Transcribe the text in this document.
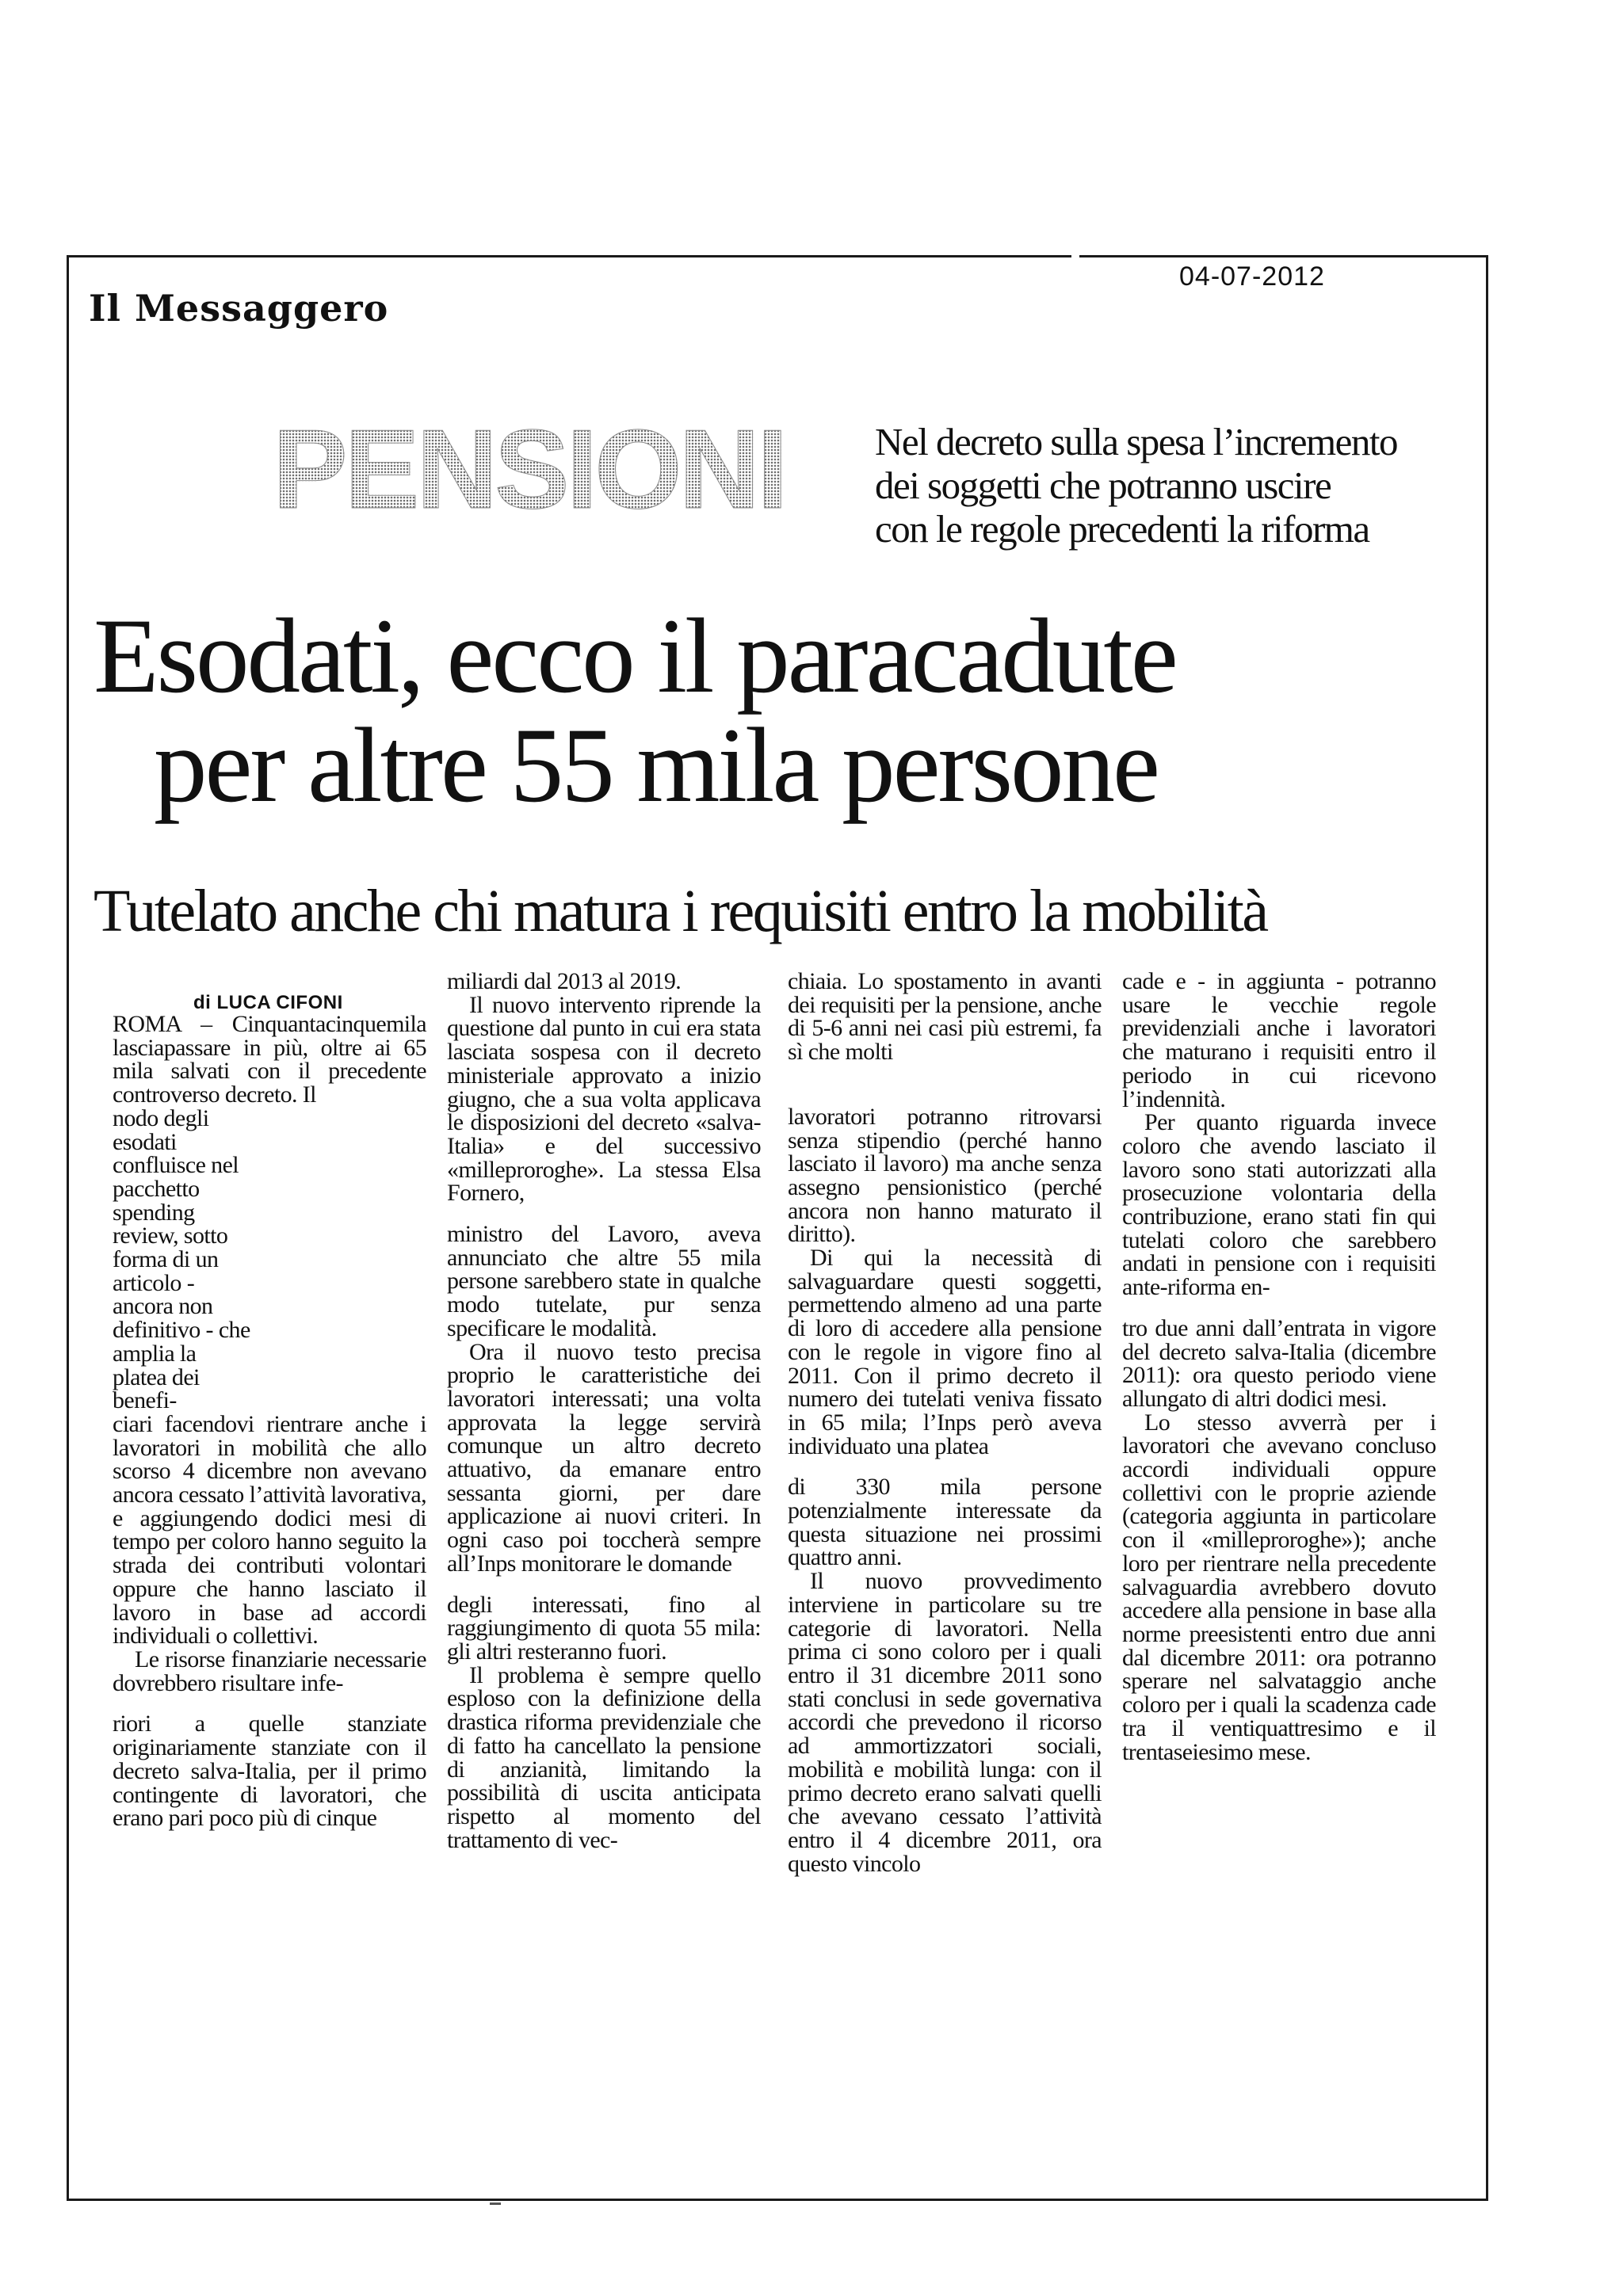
Il Messaggero
04-07-2012
PENSIONI Nel decreto sulla spesa l’incremento
dei soggetti che potranno uscire
con le regole precedenti la riforma
Esodati, ecco il paracadute
per altre 55 mila persone
Tutelato anche chi matura i requisiti entro la mobilità
di LUCA CIFONI

ROMA – Cinquantacinquemila lasciapassare in più, oltre ai 65 mila salvati con il precedente controverso decreto. Il

nodo degli esodati confluisce nel pacchetto spending review, sotto forma di un articolo - ancora non definitivo - che amplia la platea dei benefi-

ciari facendovi rientrare anche i lavoratori in mobilità che allo scorso 4 dicembre non avevano ancora cessato l’attività lavorativa, e aggiungendo dodici mesi di tempo per coloro hanno seguito la strada dei contributi volontari oppure che hanno lasciato il lavoro in base ad accordi individuali o collettivi.

Le risorse finanziarie necessarie dovrebbero risultare infe-

riori a quelle stanziate originariamente stanziate con il decreto salva-Italia, per il primo contingente di lavoratori, che erano pari poco più di cinque

miliardi dal 2013 al 2019.

Il nuovo intervento riprende la questione dal punto in cui era stata lasciata sospesa con il decreto ministeriale approvato a inizio giugno, che a sua volta applicava le disposizioni del decreto «salva-Italia» e del successivo «milleproroghe». La stessa Elsa Fornero,

ministro del Lavoro, aveva annunciato che altre 55 mila persone sarebbero state in qualche modo tutelate, pur senza specificare le modalità.

Ora il nuovo testo precisa proprio le caratteristiche dei lavoratori interessati; una volta approvata la legge servirà comunque un altro decreto attuativo, da emanare entro sessanta giorni, per dare applicazione ai nuovi criteri. In ogni caso poi toccherà sempre all’Inps monitorare le domande

degli interessati, fino al raggiungimento di quota 55 mila: gli altri resteranno fuori.

Il problema è sempre quello esploso con la definizione della drastica riforma previdenziale che di fatto ha cancellato la pensione di anzianità, limitando la possibilità di uscita anticipata rispetto al momento del trattamento di vec-

chiaia. Lo spostamento in avanti dei requisiti per la pensione, anche di 5-6 anni nei casi più estremi, fa sì che molti

lavoratori potranno ritrovarsi senza stipendio (perché hanno lasciato il lavoro) ma anche senza assegno pensionistico (perché ancora non hanno maturato il diritto).

Di qui la necessità di salvaguardare questi soggetti, permettendo almeno ad una parte di loro di accedere alla pensione con le regole in vigore fino al 2011. Con il primo decreto il numero dei tutelati veniva fissato in 65 mila; l’Inps però aveva individuato una platea

di 330 mila persone potenzialmente interessate da questa situazione nei prossimi quattro anni.

Il nuovo provvedimento interviene in particolare su tre categorie di lavoratori. Nella prima ci sono coloro per i quali entro il 31 dicembre 2011 sono stati conclusi in sede governativa accordi che prevedono il ricorso ad ammortizzatori sociali, mobilità e mobilità lunga: con il primo decreto erano salvati quelli che avevano cessato l’attività entro il 4 dicembre 2011, ora questo vincolo

cade e - in aggiunta - potranno usare le vecchie regole previdenziali anche i lavoratori che maturano i requisiti entro il periodo in cui ricevono l’indennità.

Per quanto riguarda invece coloro che avendo lasciato il lavoro sono stati autorizzati alla prosecuzione volontaria della contribuzione, erano stati fin qui tutelati coloro che sarebbero andati in pensione con i requisiti ante-riforma en-

tro due anni dall’entrata in vigore del decreto salva-Italia (dicembre 2011): ora questo periodo viene allungato di altri dodici mesi.

Lo stesso avverrà per i lavoratori che avevano concluso accordi individuali oppure collettivi con le proprie aziende (categoria aggiunta in particolare con il «milleproroghe»); anche loro per rientrare nella precedente salvaguardia avrebbero dovuto accedere alla pensione in base alla norme preesistenti entro due anni dal dicembre 2011: ora potranno sperare nel salvataggio anche coloro per i quali la scadenza cade tra il ventiquattresimo e il trentaseiesimo mese.
